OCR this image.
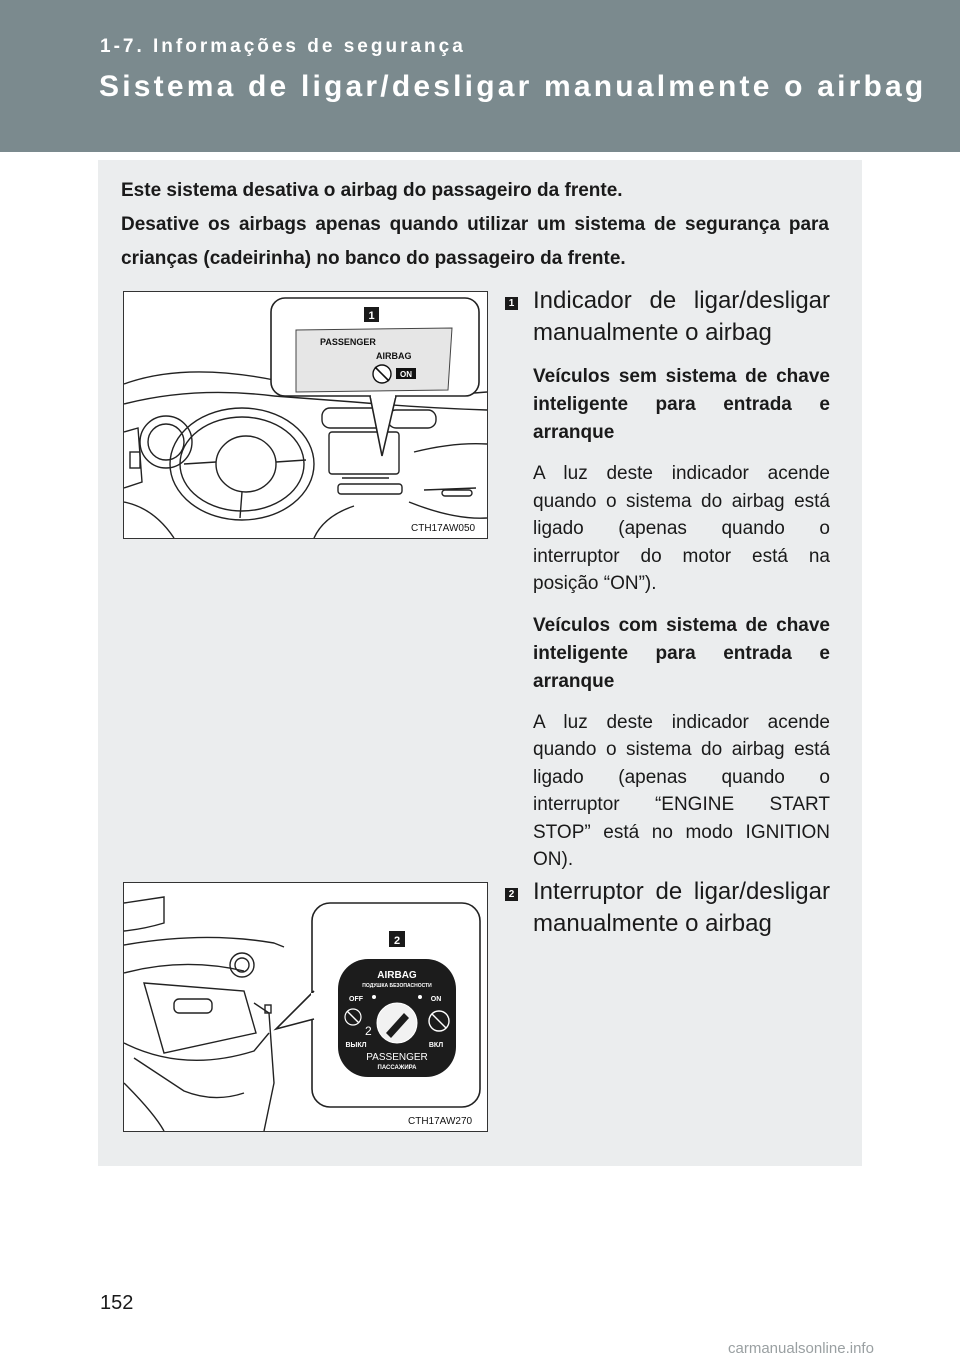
1-7. Informações de segurança
Sistema de ligar/desligar manualmente o airbag

Este sistema desativa o airbag do passageiro da frente.

Desative os airbags apenas quando utilizar um sistema de segurança para crianças (cadeirinha) no banco do passageiro da frente.

1
PASSENGER
AIRBAG
ON
CTH17AW050
2
AIRBAG
ПОДУШКА БЕЗОПАСНОСТИ
OFF	ON
2
ВЫКЛ	ВКЛ
PASSENGER
ПАССАЖИРА
CTH17AW270
1 Indicador de ligar/desligar manualmente o airbag
Veículos sem sistema de chave inteligente para entrada e arranque
A luz deste indicador acende quando o sistema do airbag está ligado (apenas quando o interruptor do motor está na posição “ON”).
Veículos com sistema de chave inteligente para entrada e arranque
A luz deste indicador acende quando o sistema do airbag está ligado (apenas quando o interruptor “ENGINE START STOP” está no modo IGNITION ON).
2 Interruptor de ligar/desligar manualmente o airbag
152
carmanualsonline.info
